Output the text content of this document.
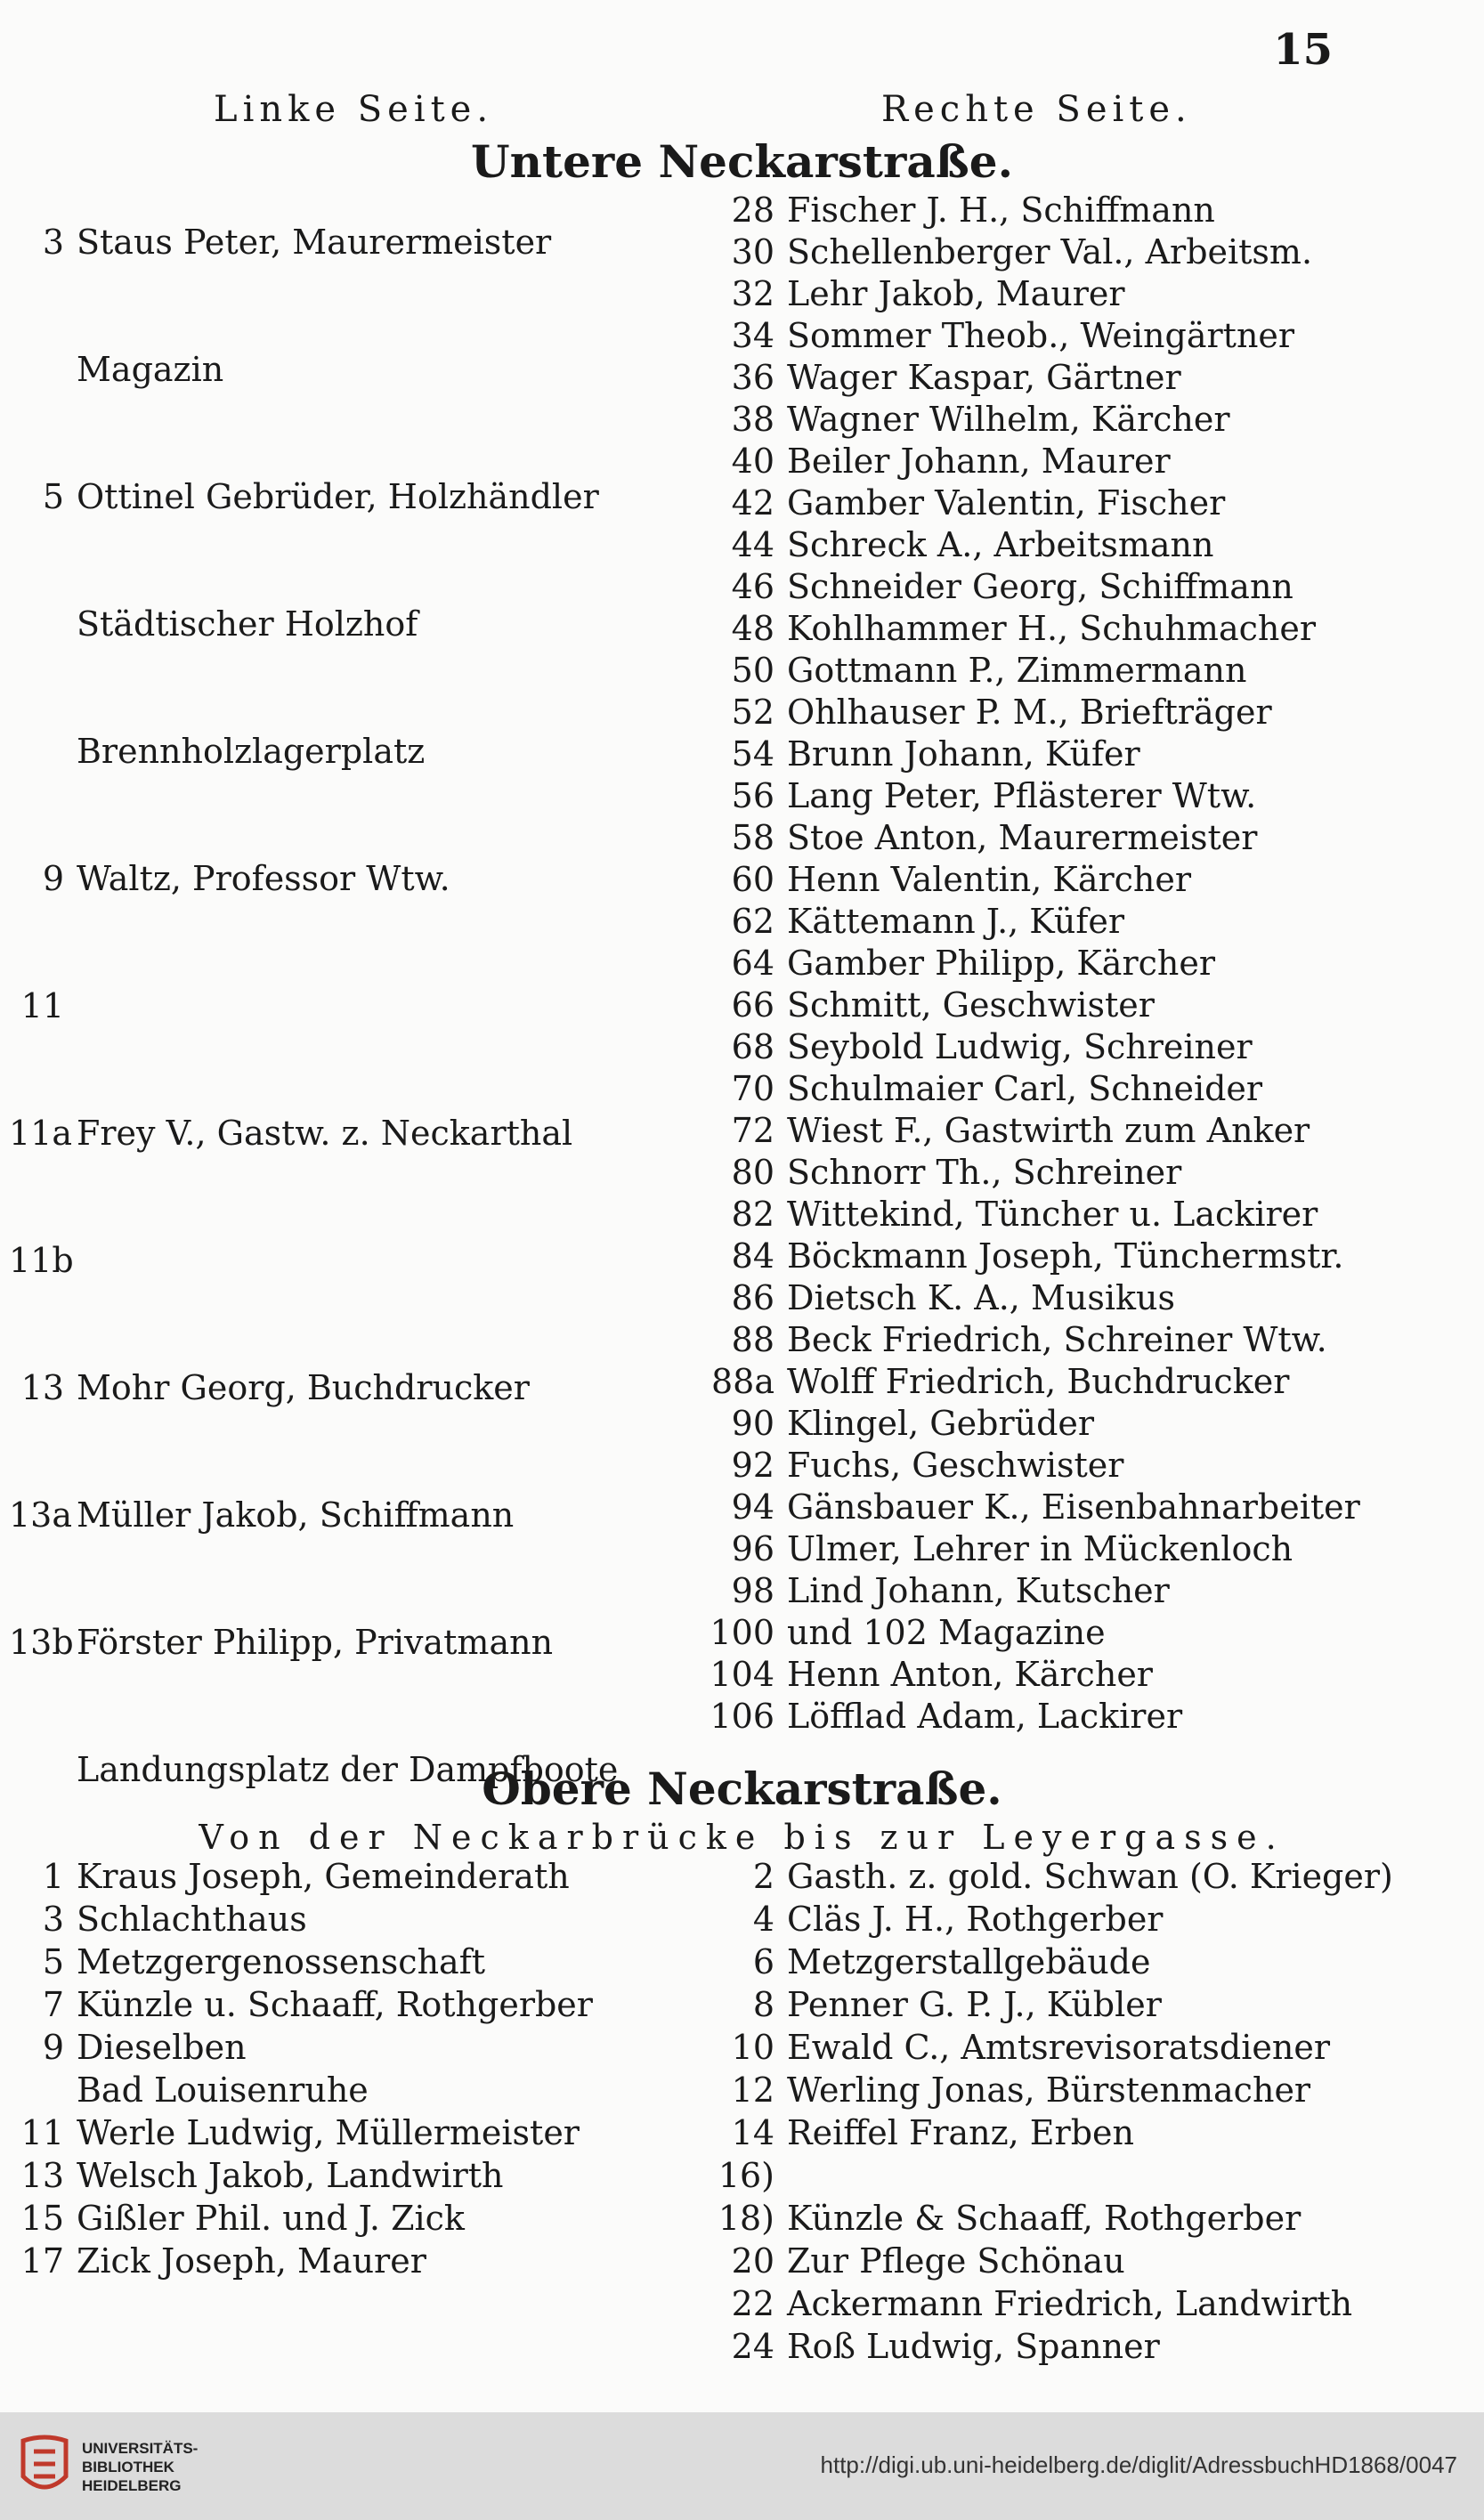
15
Linke Seite.	Rechte Seite.
Untere Neckarstraße.
3 Staus Peter, Maurermeister
Magazin
5 Ottinel Gebrüder, Holzhändler
Städtischer Holzhof
Brennholzlagerplatz
9 Waltz, Professor Wtw.
11
11a Frey V., Gastw. z. Neckarthal
11b
13 Mohr Georg, Buchdrucker
13a Müller Jakob, Schiffmann
13bFörster Philipp, Privatmann
Landungsplatz der Dampfboote
28 Fischer J. H., Schiffmann
30 Schellenberger Val., Arbeitsm.
32 Lehr Jakob, Maurer
34 Sommer Theob., Weingärtner
36 Wager Kaspar, Gärtner
38 Wagner Wilhelm, Kärcher
40 Beiler Johann, Maurer
42 Gamber Valentin, Fischer
44 Schreck A., Arbeitsmann
46 Schneider Georg, Schiffmann
48 Kohlhammer H., Schuhmacher
50 Gottmann P., Zimmermann
52 Ohlhauser P. M., Briefträger
54 Brunn Johann, Küfer
56 Lang Peter, Pflästerer Wtw.
58 Stoe Anton, Maurermeister
60 Henn Valentin, Kärcher
62 Kättemann J., Küfer
64 Gamber Philipp, Kärcher
66 Schmitt, Geschwister
68 Seybold Ludwig, Schreiner
70 Schulmaier Carl, Schneider
72 Wiest F., Gastwirth zum Anker
80 Schnorr Th., Schreiner
82 Wittekind, Tüncher u. Lackirer
84 Böckmann Joseph, Tünchermstr.
86 Dietsch K. A., Musikus
88 Beck Friedrich, Schreiner Wtw.
88a Wolff Friedrich, Buchdrucker
90 Klingel, Gebrüder
92 Fuchs, Geschwister
94 Gänsbauer K., Eisenbahnarbeiter
96 Ulmer, Lehrer in Mückenloch
98 Lind Johann, Kutscher
100 und 102 Magazine
104 Henn Anton, Kärcher
106 Löfflad Adam, Lackirer
Obere Neckarstraße.
Von der Neckarbrücke bis zur Leyergasse.
1 Kraus Joseph, Gemeinderath
3 Schlachthaus
5 Metzgergenossenschaft
7 Künzle u. Schaaff, Rothgerber
9 Dieselben
Bad Louisenruhe
11 Werle Ludwig, Müllermeister
13 Welsch Jakob, Landwirth
15 Gißler Phil. und J. Zick
17 Zick Joseph, Maurer
2 Gasth. z. gold. Schwan (O. Krieger)
4 Cläs J. H., Rothgerber
6 Metzgerstallgebäude
8 Penner G. P. J., Kübler
10 Ewald C., Amtsrevisoratsdiener
12 Werling Jonas, Bürstenmacher
14 Reiffel Franz, Erben
16)
18) Künzle & Schaaff, Rothgerber
20 Zur Pflege Schönau
22 Ackermann Friedrich, Landwirth
24 Roß Ludwig, Spanner
UNIVERSITÄTS-
BIBLIOTHEK
HEIDELBERG
http://digi.ub.uni-heidelberg.de/diglit/AdressbuchHD1868/0047
